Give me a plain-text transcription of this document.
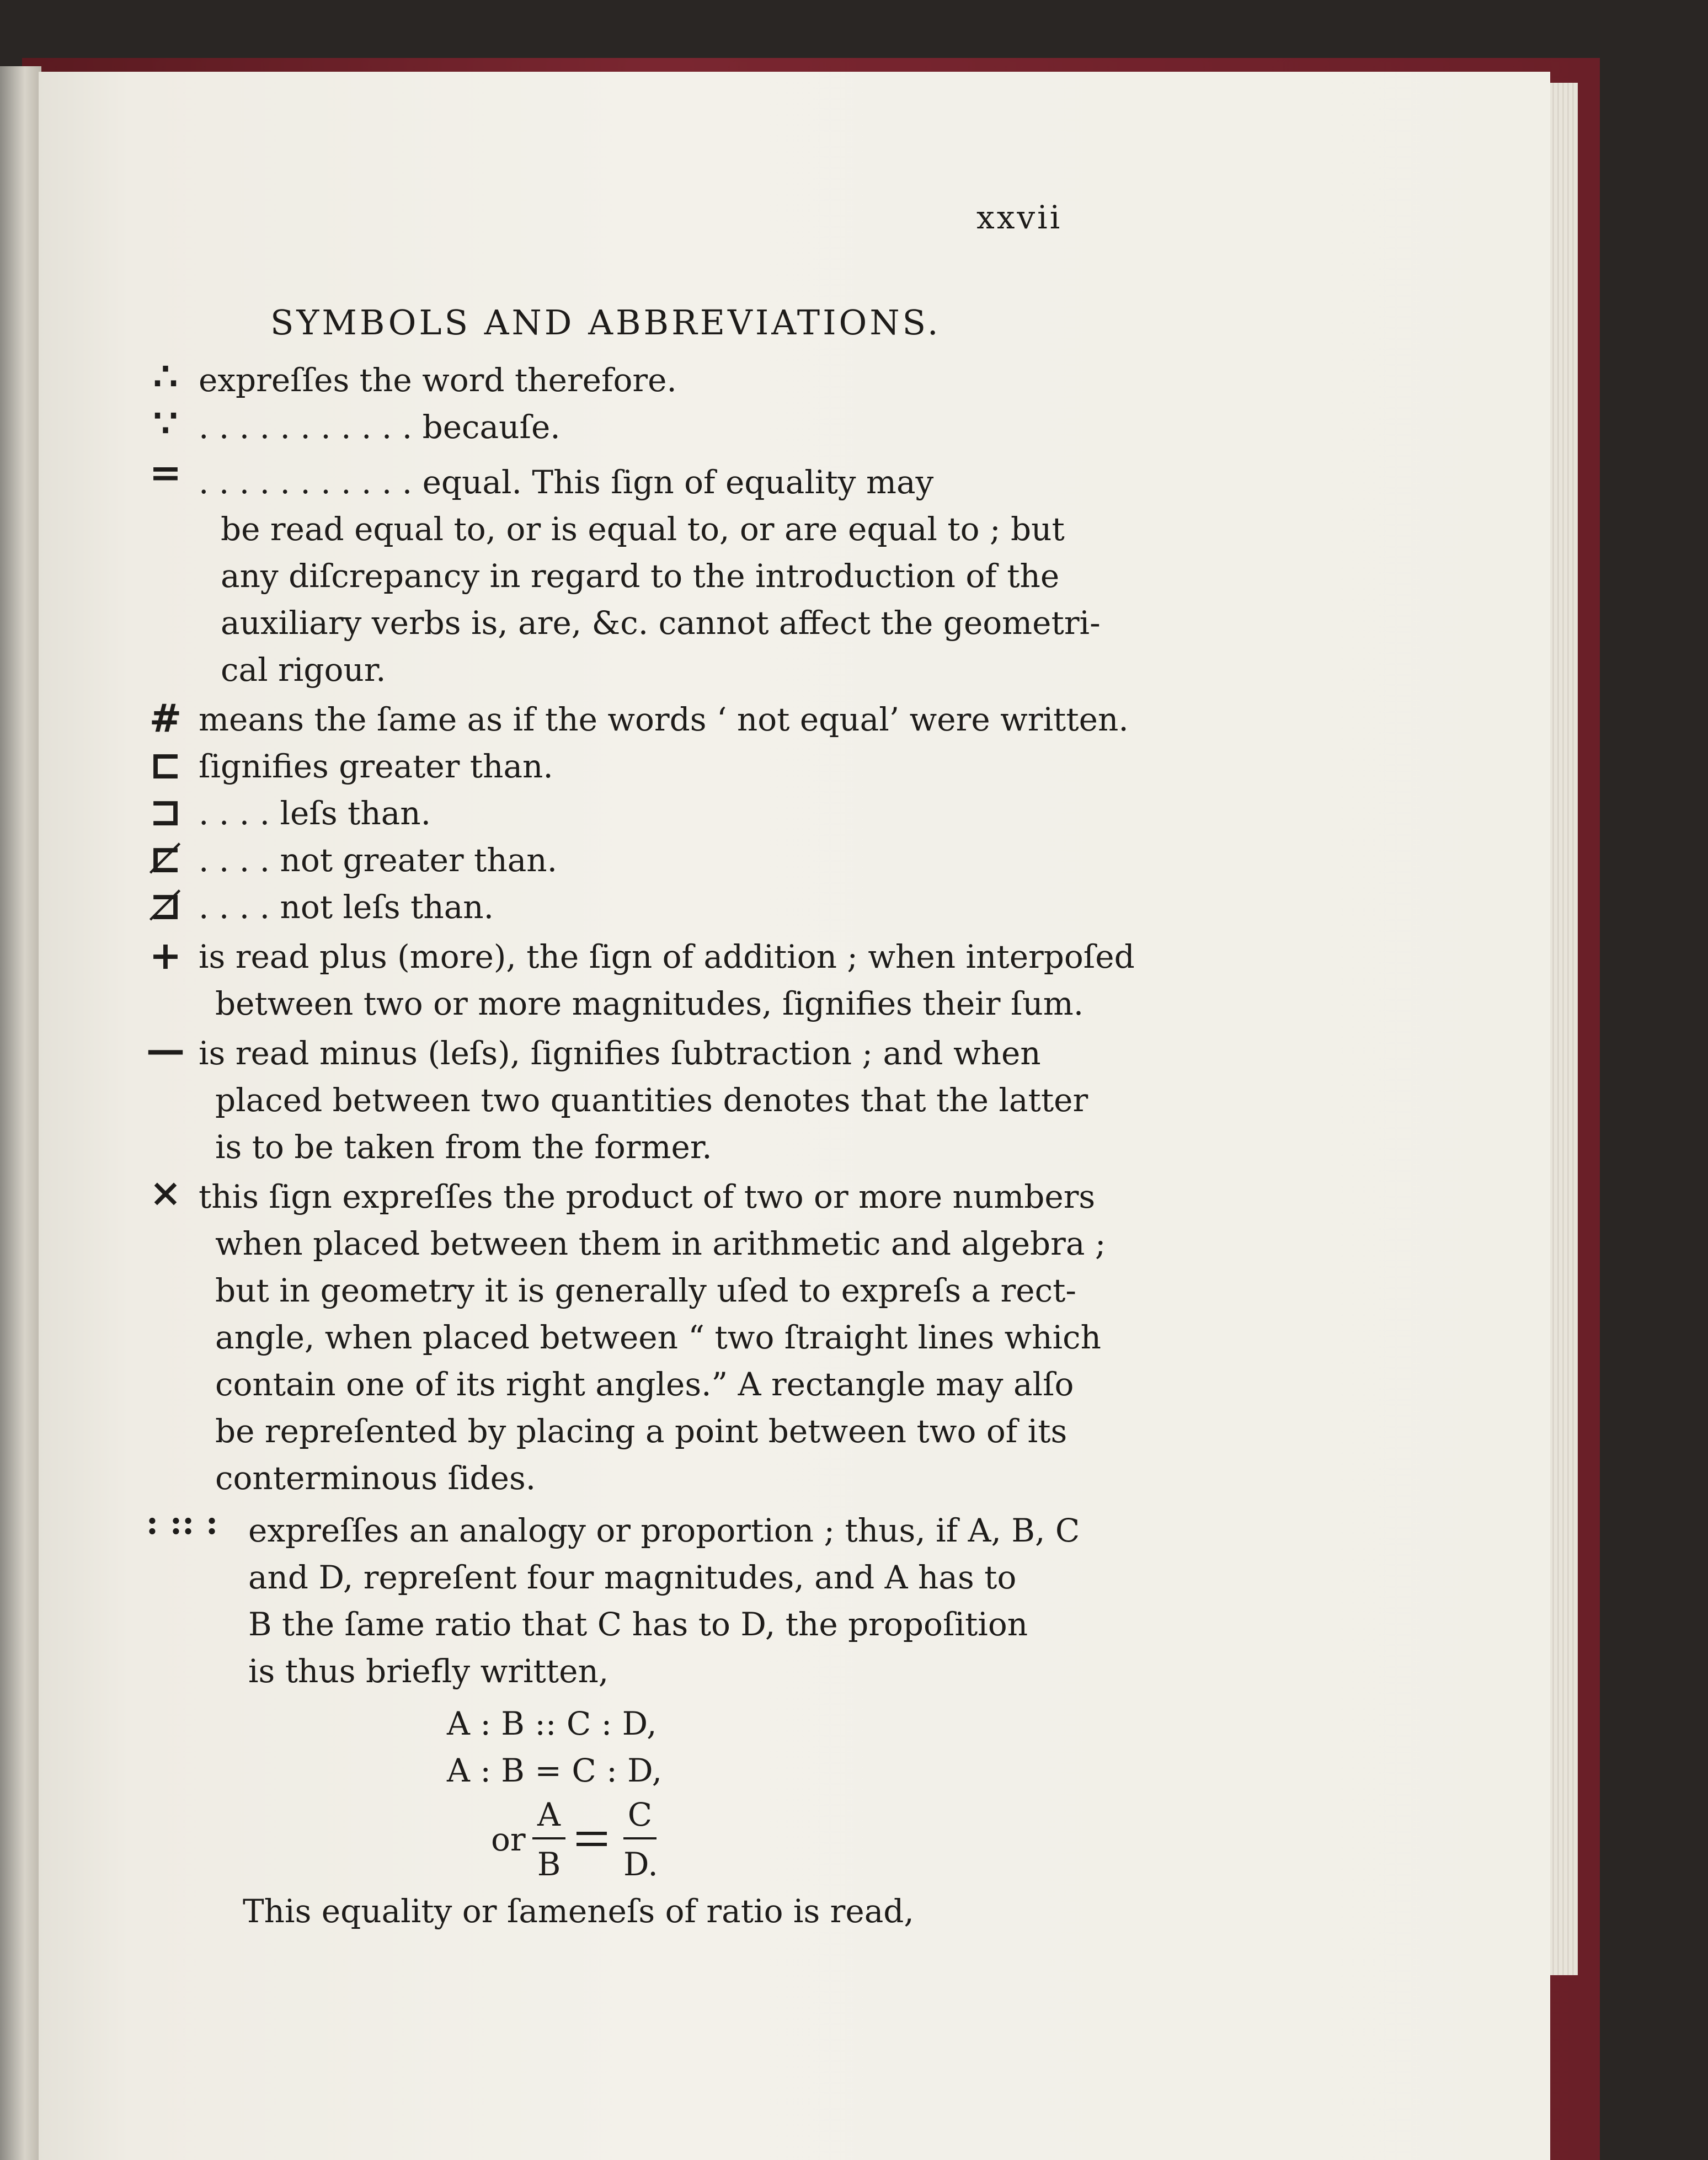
xxvii
SYMBOLS AND ABBREVIATIONS.
∴
∵
=
#
⊏
⊐
⊏̸
⊐̸
+
—
×
: :: :
expreſſes the word therefore.
. . . . . . . . . . . becauſe.
. . . . . . . . . . . equal. This ſign of equality may
be read equal to, or is equal to, or are equal to ; but
any diſcrepancy in regard to the introduction of the
auxiliary verbs is, are, &c. cannot affect the geometri-
cal rigour.
means the ſame as if the words ‘ not equal’ were written.
ſignifies greater than.
. . . . leſs than.
. . . . not greater than.
. . . . not leſs than.
is read plus (more), the ſign of addition ; when interpoſed
between two or more magnitudes, ſignifies their ſum.
is read minus (leſs), ſignifies ſubtraction ; and when
placed between two quantities denotes that the latter
is to be taken from the former.
this ſign expreſſes the product of two or more numbers
when placed between them in arithmetic and algebra ;
but in geometry it is generally uſed to expreſs a rect-
angle, when placed between “ two ſtraight lines which
contain one of its right angles.” A rectangle may alſo
be repreſented by placing a point between two of its
conterminous ſides.
expreſſes an analogy or proportion ; thus, if A, B, C
and D, repreſent four magnitudes, and A has to
B the ſame ratio that C has to D, the propoſition
is thus briefly written,
A : B :: C : D,
A : B = C : D,
or
A
B
C
D.
This equality or ſameneſs of ratio is read,
